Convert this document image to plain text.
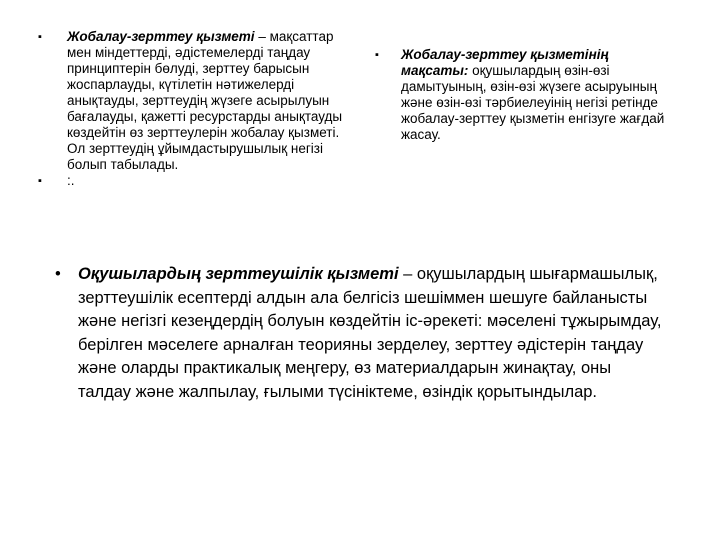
▪	Жобалау-зерттеу қызметі – мақсаттар мен міндеттерді, әдістемелерді таңдау принциптерін бөлуді, зерттеу барысын жоспарлауды, күтілетін нәтижелерді анықтауды, зерттеудің жүзеге асырылуын бағалауды, қажетті ресурстарды анықтауды көздейтін өз зерттеулерін жобалау қызметі. Ол зерттеудің ұйымдастырушылық негізі болып табылады.

▪	:.

▪	Жобалау-зерттеу қызметінің мақсаты: оқушылардың өзін-өзі дамытуының, өзін-өзі жүзеге асыруының және өзін-өзі тәрбиелеуінің негізі ретінде жобалау-зерттеу қызметін енгізуге жағдай жасау.

•	Оқушылардың зерттеушілік қызметі – оқушылардың шығармашылық, зерттеушілік есептерді алдын ала белгісіз шешіммен шешуге байланысты және негізгі кезеңдердің болуын көздейтін іс-әрекеті: мәселені тұжырымдау, берілген мәселеге арналған теорияны зерделеу, зерттеу әдістерін таңдау және оларды практикалық меңгеру, өз материалдарын жинақтау, оны талдау және жалпылау, ғылыми түсініктеме, өзіндік қорытындылар.
